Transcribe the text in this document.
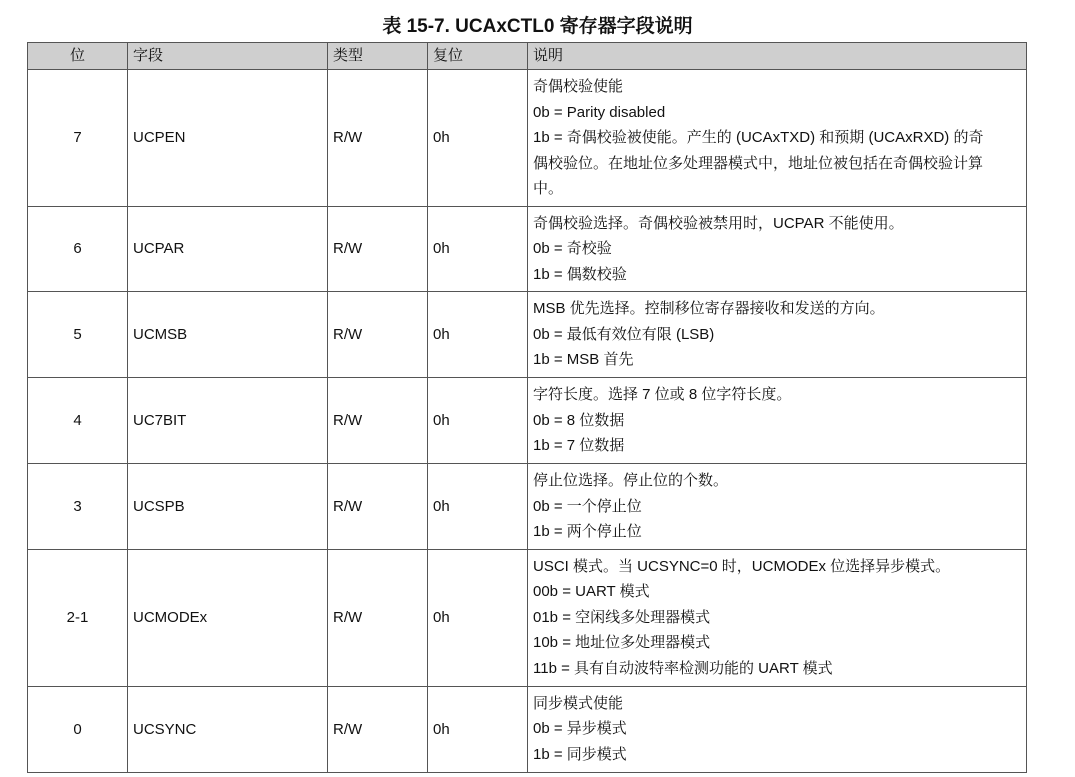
表 15-7. UCAxCTL0 寄存器字段说明
位	字段	类型	复位	说明
7	UCPEN	R/W	0h	奇偶校验使能
0b = Parity disabled
1b = 奇偶校验被使能。产生的 (UCAxTXD) 和预期 (UCAxRXD) 的奇
偶校验位。在地址位多处理器模式中，地址位被包括在奇偶校验计算
中。

6	UCPAR	R/W	0h	奇偶校验选择。奇偶校验被禁用时，UCPAR 不能使用。
0b = 奇校验
1b = 偶数校验

5	UCMSB	R/W	0h	MSB 优先选择。控制移位寄存器接收和发送的方向。
0b = 最低有效位有限 (LSB)
1b = MSB 首先

4	UC7BIT	R/W	0h	字符长度。选择 7 位或 8 位字符长度。
0b = 8 位数据
1b = 7 位数据

3	UCSPB	R/W	0h	停止位选择。停止位的个数。
0b = 一个停止位
1b = 两个停止位

2-1	UCMODEx	R/W	0h	USCI 模式。当 UCSYNC=0 时，UCMODEx 位选择异步模式。
00b = UART 模式
01b = 空闲线多处理器模式
10b = 地址位多处理器模式
11b = 具有自动波特率检测功能的 UART 模式

0	UCSYNC	R/W	0h	同步模式使能
0b = 异步模式
1b = 同步模式
